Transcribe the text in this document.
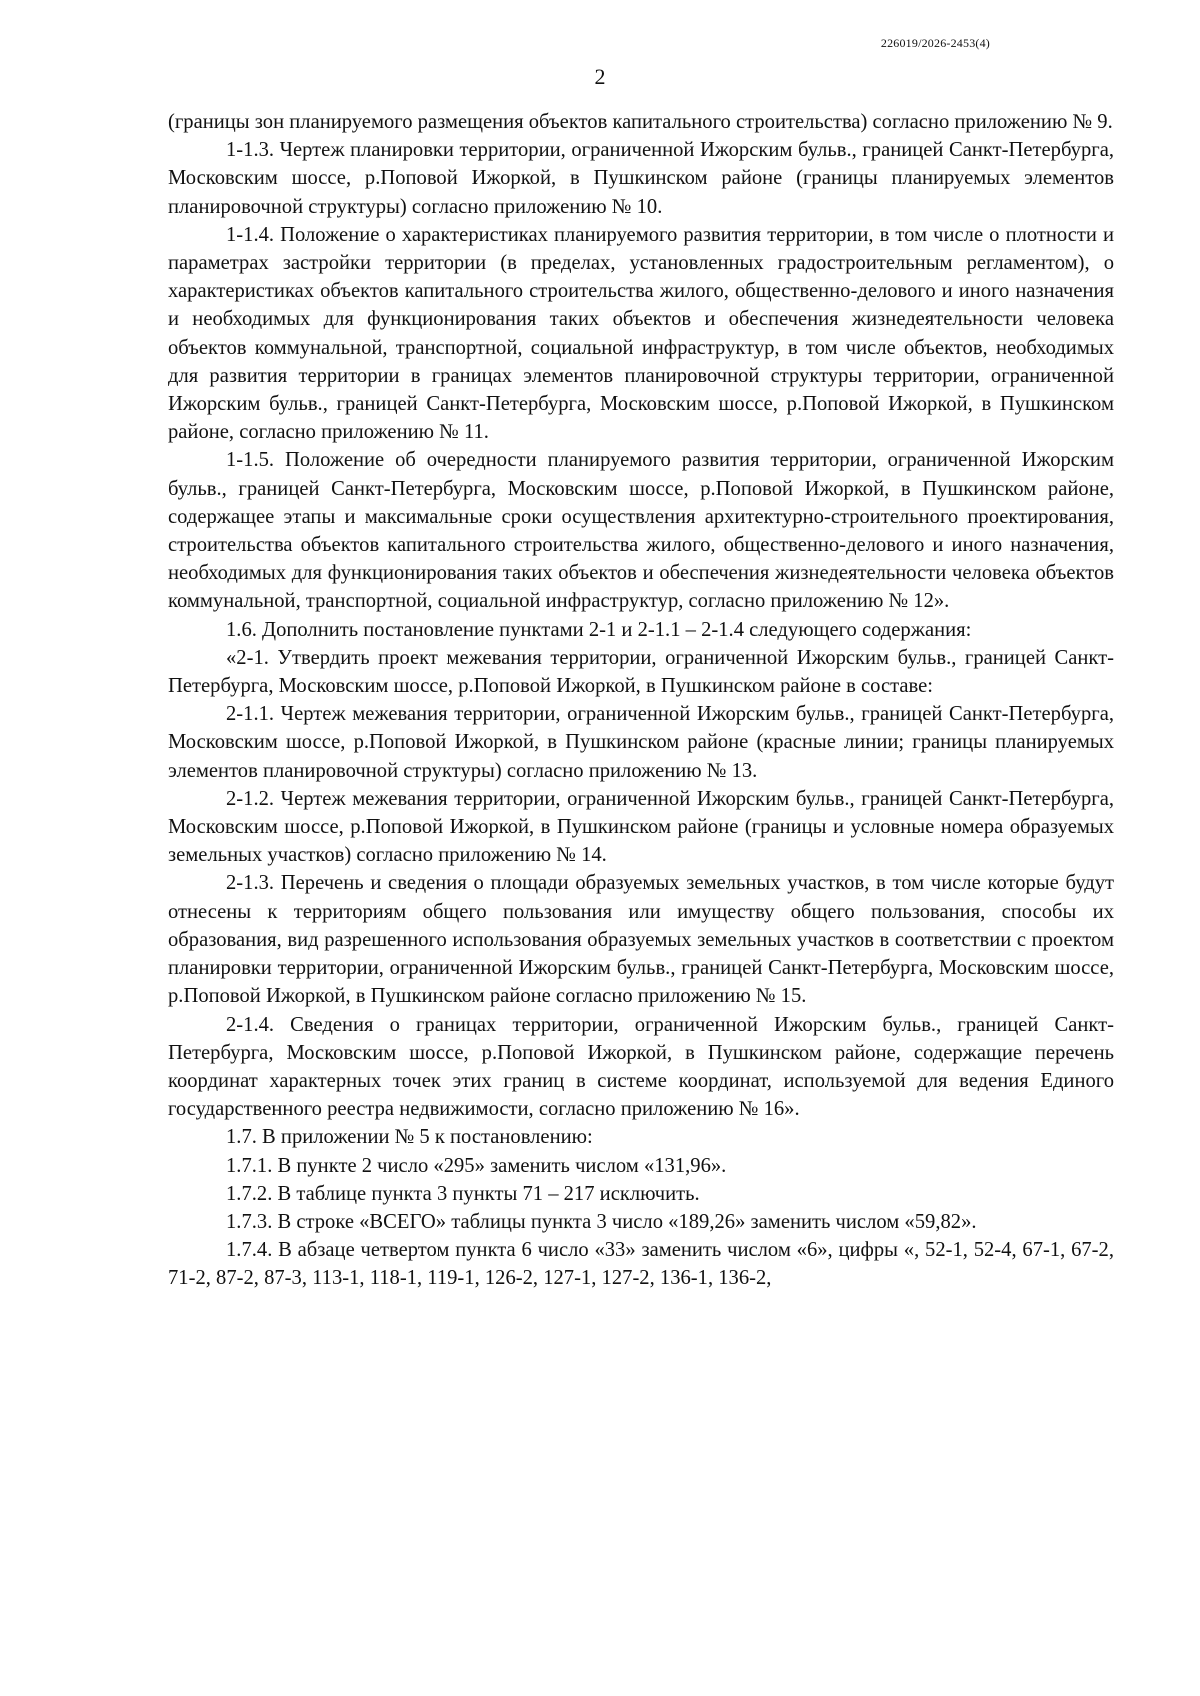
226019/2026-2453(4)
2

(границы зон планируемого размещения объектов капитального строительства) согласно приложению № 9.

1-1.3. Чертеж планировки территории, ограниченной Ижорским бульв., границей Санкт-Петербурга, Московским шоссе, р.Поповой Ижоркой, в Пушкинском районе (границы планируемых элементов планировочной структуры) согласно приложению № 10.

1-1.4. Положение о характеристиках планируемого развития территории, в том числе о плотности и параметрах застройки территории (в пределах, установленных градостроительным регламентом), о характеристиках объектов капитального строительства жилого, общественно-делового и иного назначения и необходимых для функционирования таких объектов и обеспечения жизнедеятельности человека объектов коммунальной, транспортной, социальной инфраструктур, в том числе объектов, необходимых для развития территории в границах элементов планировочной структуры территории, ограниченной Ижорским бульв., границей Санкт-Петербурга, Московским шоссе, р.Поповой Ижоркой, в Пушкинском районе, согласно приложению № 11.

1-1.5. Положение об очередности планируемого развития территории, ограниченной Ижорским бульв., границей Санкт-Петербурга, Московским шоссе, р.Поповой Ижоркой, в Пушкинском районе, содержащее этапы и максимальные сроки осуществления архитектурно-строительного проектирования, строительства объектов капитального строительства жилого, общественно-делового и иного назначения, необходимых для функционирования таких объектов и обеспечения жизнедеятельности человека объектов коммунальной, транспортной, социальной инфраструктур, согласно приложению № 12».

1.6. Дополнить постановление пунктами 2-1 и 2-1.1 – 2-1.4 следующего содержания:

«2-1. Утвердить проект межевания территории, ограниченной Ижорским бульв., границей Санкт-Петербурга, Московским шоссе, р.Поповой Ижоркой, в Пушкинском районе в составе:

2-1.1. Чертеж межевания территории, ограниченной Ижорским бульв., границей Санкт-Петербурга, Московским шоссе, р.Поповой Ижоркой, в Пушкинском районе (красные линии; границы планируемых элементов планировочной структуры) согласно приложению № 13.

2-1.2. Чертеж межевания территории, ограниченной Ижорским бульв., границей Санкт-Петербурга, Московским шоссе, р.Поповой Ижоркой, в Пушкинском районе (границы и условные номера образуемых земельных участков) согласно приложению № 14.

2-1.3. Перечень и сведения о площади образуемых земельных участков, в том числе которые будут отнесены к территориям общего пользования или имуществу общего пользования, способы их образования, вид разрешенного использования образуемых земельных участков в соответствии с проектом планировки территории, ограниченной Ижорским бульв., границей Санкт-Петербурга, Московским шоссе, р.Поповой Ижоркой, в Пушкинском районе согласно приложению № 15.

2-1.4. Сведения о границах территории, ограниченной Ижорским бульв., границей Санкт-Петербурга, Московским шоссе, р.Поповой Ижоркой, в Пушкинском районе, содержащие перечень координат характерных точек этих границ в системе координат, используемой для ведения Единого государственного реестра недвижимости, согласно приложению № 16».

1.7. В приложении № 5 к постановлению:

1.7.1. В пункте 2 число «295» заменить числом «131,96».

1.7.2. В таблице пункта 3 пункты 71 – 217 исключить.

1.7.3. В строке «ВСЕГО» таблицы пункта 3 число «189,26» заменить числом «59,82».

1.7.4. В абзаце четвертом пункта 6 число «33» заменить числом «6», цифры «, 52-1, 52-4, 67-1, 67-2, 71-2, 87-2, 87-3, 113-1, 118-1, 119-1, 126-2, 127-1, 127-2, 136-1, 136-2,
